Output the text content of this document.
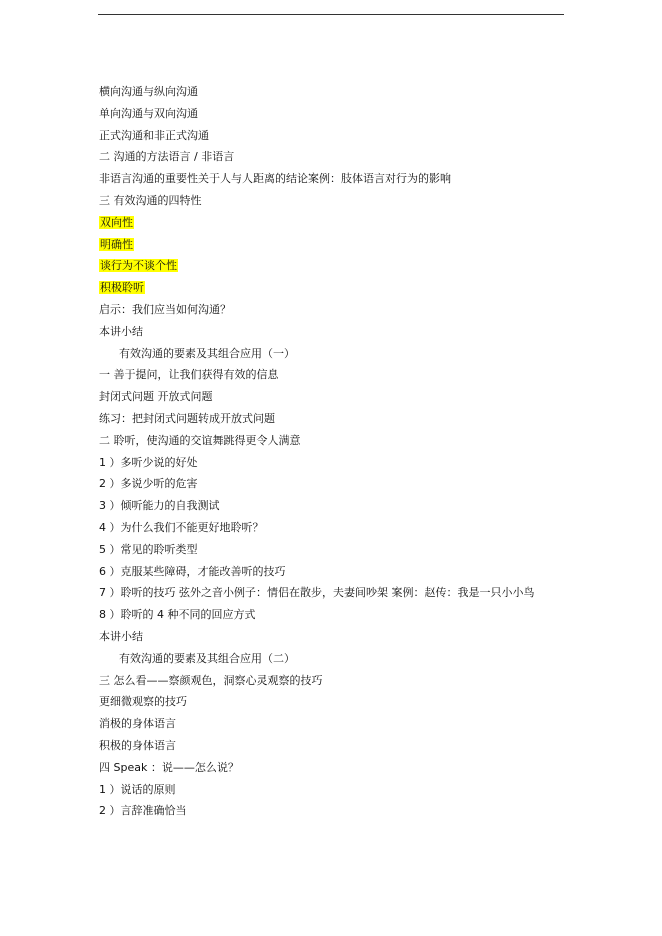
横向沟通与纵向沟通
单向沟通与双向沟通
正式沟通和非正式沟通
二 沟通的方法语言 / 非语言
非语言沟通的重要性关于人与人距离的结论案例：肢体语言对行为的影响
三 有效沟通的四特性
双向性
明确性
谈行为不谈个性
积极聆听
启示：我们应当如何沟通？
本讲小结
有效沟通的要素及其组合应用（一）
一 善于提问，让我们获得有效的信息
封闭式问题 开放式问题
练习：把封闭式问题转成开放式问题
二 聆听，使沟通的交谊舞跳得更令人满意
1 ）多听少说的好处
2 ）多说少听的危害
3 ）倾听能力的自我测试
4 ）为什么我们不能更好地聆听？
5 ）常见的聆听类型
6 ）克服某些障碍，才能改善听的技巧
7 ）聆听的技巧 弦外之音小例子：情侣在散步，夫妻间吵架 案例：赵传：我是一只小小鸟
8 ）聆听的 4 种不同的回应方式
本讲小结
有效沟通的要素及其组合应用（二）
三 怎么看——察颜观色，洞察心灵观察的技巧
更细微观察的技巧
消极的身体语言
积极的身体语言
四 Speak ：说——怎么说？
1 ）说话的原则
2 ）言辞准确恰当
